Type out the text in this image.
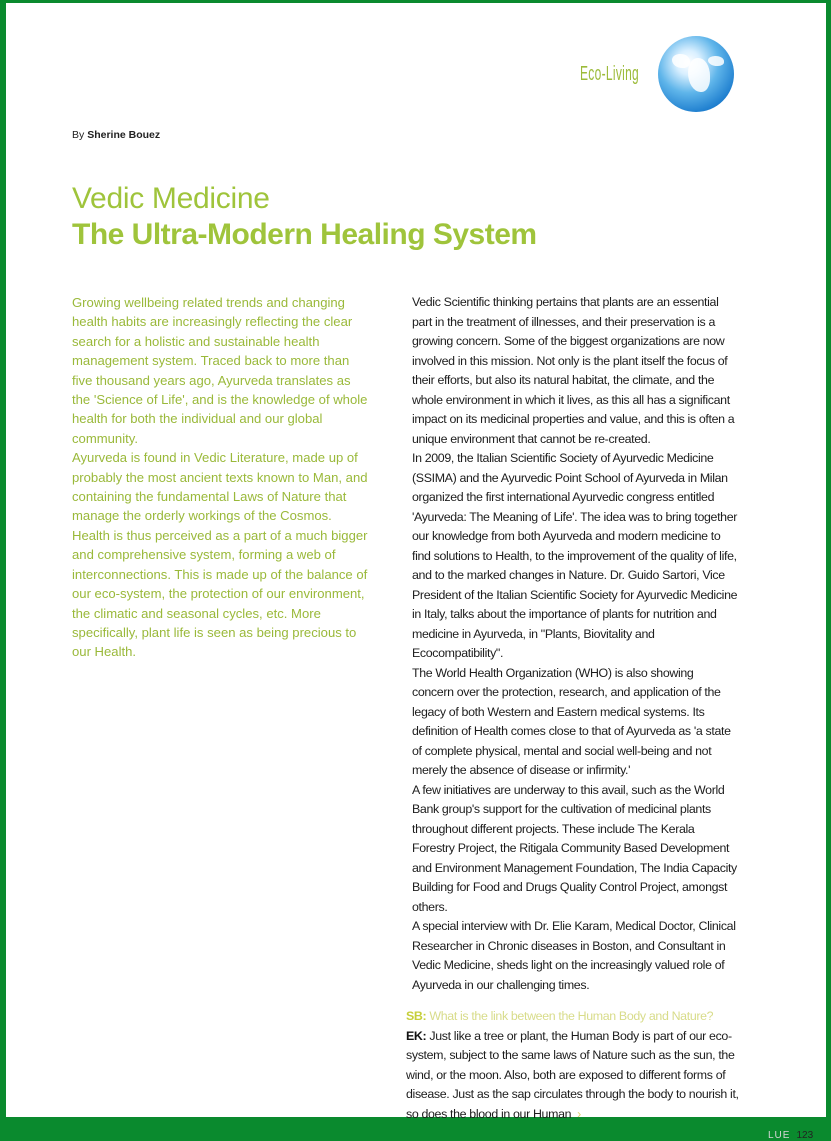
Eco-Living
By Sherine Bouez
Vedic Medicine
The Ultra-Modern Healing System

Growing wellbeing related trends and changing health habits are increasingly reflecting the clear search for a holistic and sustainable health management system. Traced back to more than five thousand years ago, Ayurveda translates as the 'Science of Life', and is the knowledge of whole health for both the individual and our global community.

Ayurveda is found in Vedic Literature, made up of probably the most ancient texts known to Man, and containing the fundamental Laws of Nature that manage the orderly workings of the Cosmos. Health is thus perceived as a part of a much bigger and comprehensive system, forming a web of interconnections. This is made up of the balance of our eco-system, the protection of our environment, the climatic and seasonal cycles, etc. More specifically, plant life is seen as being precious to our Health.

Vedic Scientific thinking pertains that plants are an essential part in the treatment of illnesses, and their preservation is a growing concern. Some of the biggest organizations are now involved in this mission. Not only is the plant itself the focus of their efforts, but also its natural habitat, the climate, and the whole environment in which it lives, as this all has a significant impact on its medicinal properties and value, and this is often a unique environment that cannot be re-created.

In 2009, the Italian Scientific Society of Ayurvedic Medicine (SSIMA) and the Ayurvedic Point School of Ayurveda in Milan organized the first international Ayurvedic congress entitled 'Ayurveda: The Meaning of Life'. The idea was to bring together our knowledge from both Ayurveda and modern medicine to find solutions to Health, to the improvement of the quality of life, and to the marked changes in Nature. Dr. Guido Sartori, Vice President of the Italian Scientific Society for Ayurvedic Medicine in Italy, talks about the importance of plants for nutrition and medicine in Ayurveda, in "Plants, Biovitality and Ecocompatibility".

The World Health Organization (WHO) is also showing concern over the protection, research, and application of the legacy of both Western and Eastern medical systems. Its definition of Health comes close to that of Ayurveda as 'a state of complete physical, mental and social well-being and not merely the absence of disease or infirmity.'

A few initiatives are underway to this avail, such as the World Bank group's support for the cultivation of medicinal plants throughout different projects. These include The Kerala Forestry Project, the Ritigala Community Based Development and Environment Management Foundation, The India Capacity Building for Food and Drugs Quality Control Project, amongst others.

A special interview with Dr. Elie Karam, Medical Doctor, Clinical Researcher in Chronic diseases in Boston, and Consultant in Vedic Medicine, sheds light on the increasingly valued role of Ayurveda in our challenging times.

SB: What is the link between the Human Body and Nature?

EK: Just like a tree or plant, the Human Body is part of our eco-system, subject to the same laws of Nature such as the sun, the wind, or the moon. Also, both are exposed to different forms of disease. Just as the sap circulates through the body to nourish it, so does the blood in our Human ›

LUE 123
